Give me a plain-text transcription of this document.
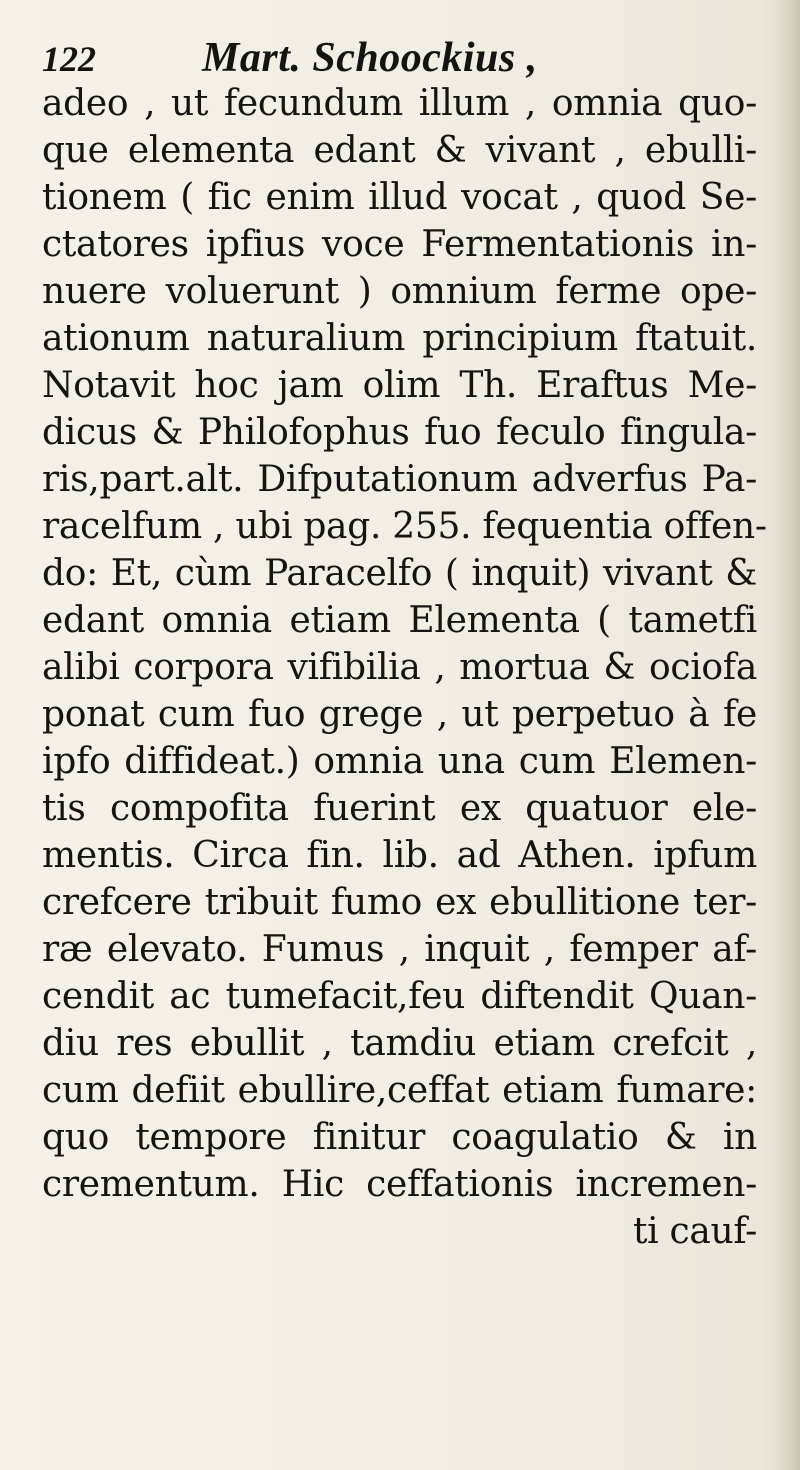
122	Mart. Schoockius ,
adeo , ut fecundum illum , omnia quo-
que elementa edant & vivant , ebulli-
tionem ( fic enim illud vocat , quod Se-
ctatores ipfius voce Fermentationis in-
nuere voluerunt ) omnium ferme ope-
ationum naturalium principium ftatuit.
Notavit hoc jam olim Th. Eraftus Me-
dicus & Philofophus fuo feculo fingula-
ris,part.alt. Difputationum adverfus Pa-
racelfum , ubi pag. 255. fequentia offen-
do: Et, cùm Paracelfo ( inquit) vivant &
edant omnia etiam Elementa ( tametfi
alibi corpora vifibilia , mortua & ociofa
ponat cum fuo grege , ut perpetuo à fe
ipfo diffideat.) omnia una cum Elemen-
tis compofita fuerint ex quatuor ele-
mentis. Circa fin. lib. ad Athen. ipfum
crefcere tribuit fumo ex ebullitione ter-
ræ elevato. Fumus , inquit , femper af-
cendit ac tumefacit,feu diftendit Quan-
diu res ebullit , tamdiu etiam crefcit ,
cum defiit ebullire,ceffat etiam fumare:
quo tempore finitur coagulatio & in
crementum. Hic ceffationis incremen-
ti cauf-
